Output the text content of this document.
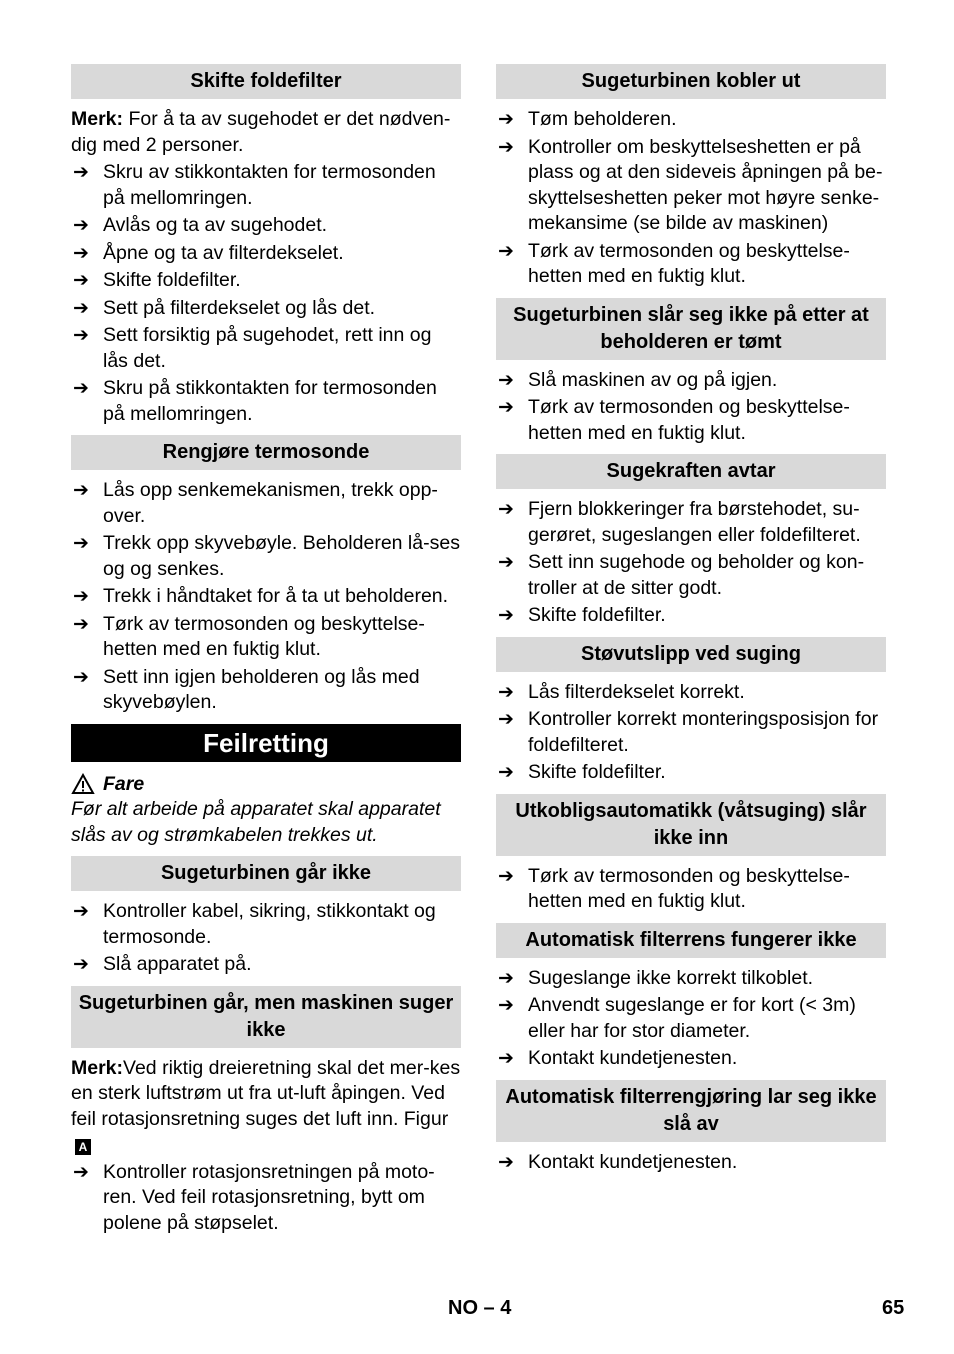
Skifte foldefilter

Merk: For å ta av sugehodet er det nødven-dig med 2 personer.

➔ Skru av stikkontakten for termosonden på mellomringen.
➔ Avlås og ta av sugehodet.
➔ Åpne og ta av filterdekselet.
➔ Skifte foldefilter.
➔ Sett på filterdekselet og lås det.
➔ Sett forsiktig på sugehodet, rett inn og lås det.
➔ Skru på stikkontakten for termosonden på mellomringen.
Rengjøre termosonde
➔ Lås opp senkemekanismen, trekk opp-over.
➔ Trekk opp skyvebøyle. Beholderen lå-ses og og senkes.
➔ Trekk i håndtaket for å ta ut beholderen.
➔ Tørk av termosonden og beskyttelse-hetten med en fuktig klut.
➔ Sett inn igjen beholderen og lås med skyvebøylen.
Feilretting
Fare

Før alt arbeide på apparatet skal apparatet slås av og strømkabelen trekkes ut.

Sugeturbinen går ikke
➔ Kontroller kabel, sikring, stikkontakt og termosonde.
➔ Slå apparatet på.
Sugeturbinen går, men maskinen suger ikke

Merk:Ved riktig dreieretning skal det mer-kes en sterk luftstrøm ut fra ut-luft åpingen. Ved feil rotasjonsretning suges det luft inn. FigurA

➔ Kontroller rotasjonsretningen på moto-ren. Ved feil rotasjonsretning, bytt om polene på støpselet.
Sugeturbinen kobler ut
➔ Tøm beholderen.
➔ Kontroller om beskyttelseshetten er på plass og at den sideveis åpningen på be-skyttelseshetten peker mot høyre senke-mekansime (se bilde av maskinen)
➔ Tørk av termosonden og beskyttelse-hetten med en fuktig klut.
Sugeturbinen slår seg ikke på etter at beholderen er tømt
➔ Slå maskinen av og på igjen.
➔ Tørk av termosonden og beskyttelse-hetten med en fuktig klut.
Sugekraften avtar
➔ Fjern blokkeringer fra børstehodet, su-gerøret, sugeslangen eller foldefilteret.
➔ Sett inn sugehode og beholder og kon-troller at de sitter godt.
➔ Skifte foldefilter.
Støvutslipp ved suging
➔ Lås filterdekselet korrekt.
➔ Kontroller korrekt monteringsposisjon for foldefilteret.
➔ Skifte foldefilter.
Utkobligsautomatikk (våtsuging) slår ikke inn
➔ Tørk av termosonden og beskyttelse-hetten med en fuktig klut.
Automatisk filterrens fungerer ikke
➔ Sugeslange ikke korrekt tilkoblet.
➔ Anvendt sugeslange er for kort (< 3m) eller har for stor diameter.
➔ Kontakt kundetjenesten.
Automatisk filterrengjøring lar seg ikke slå av
➔ Kontakt kundetjenesten.
NO – 4	65
